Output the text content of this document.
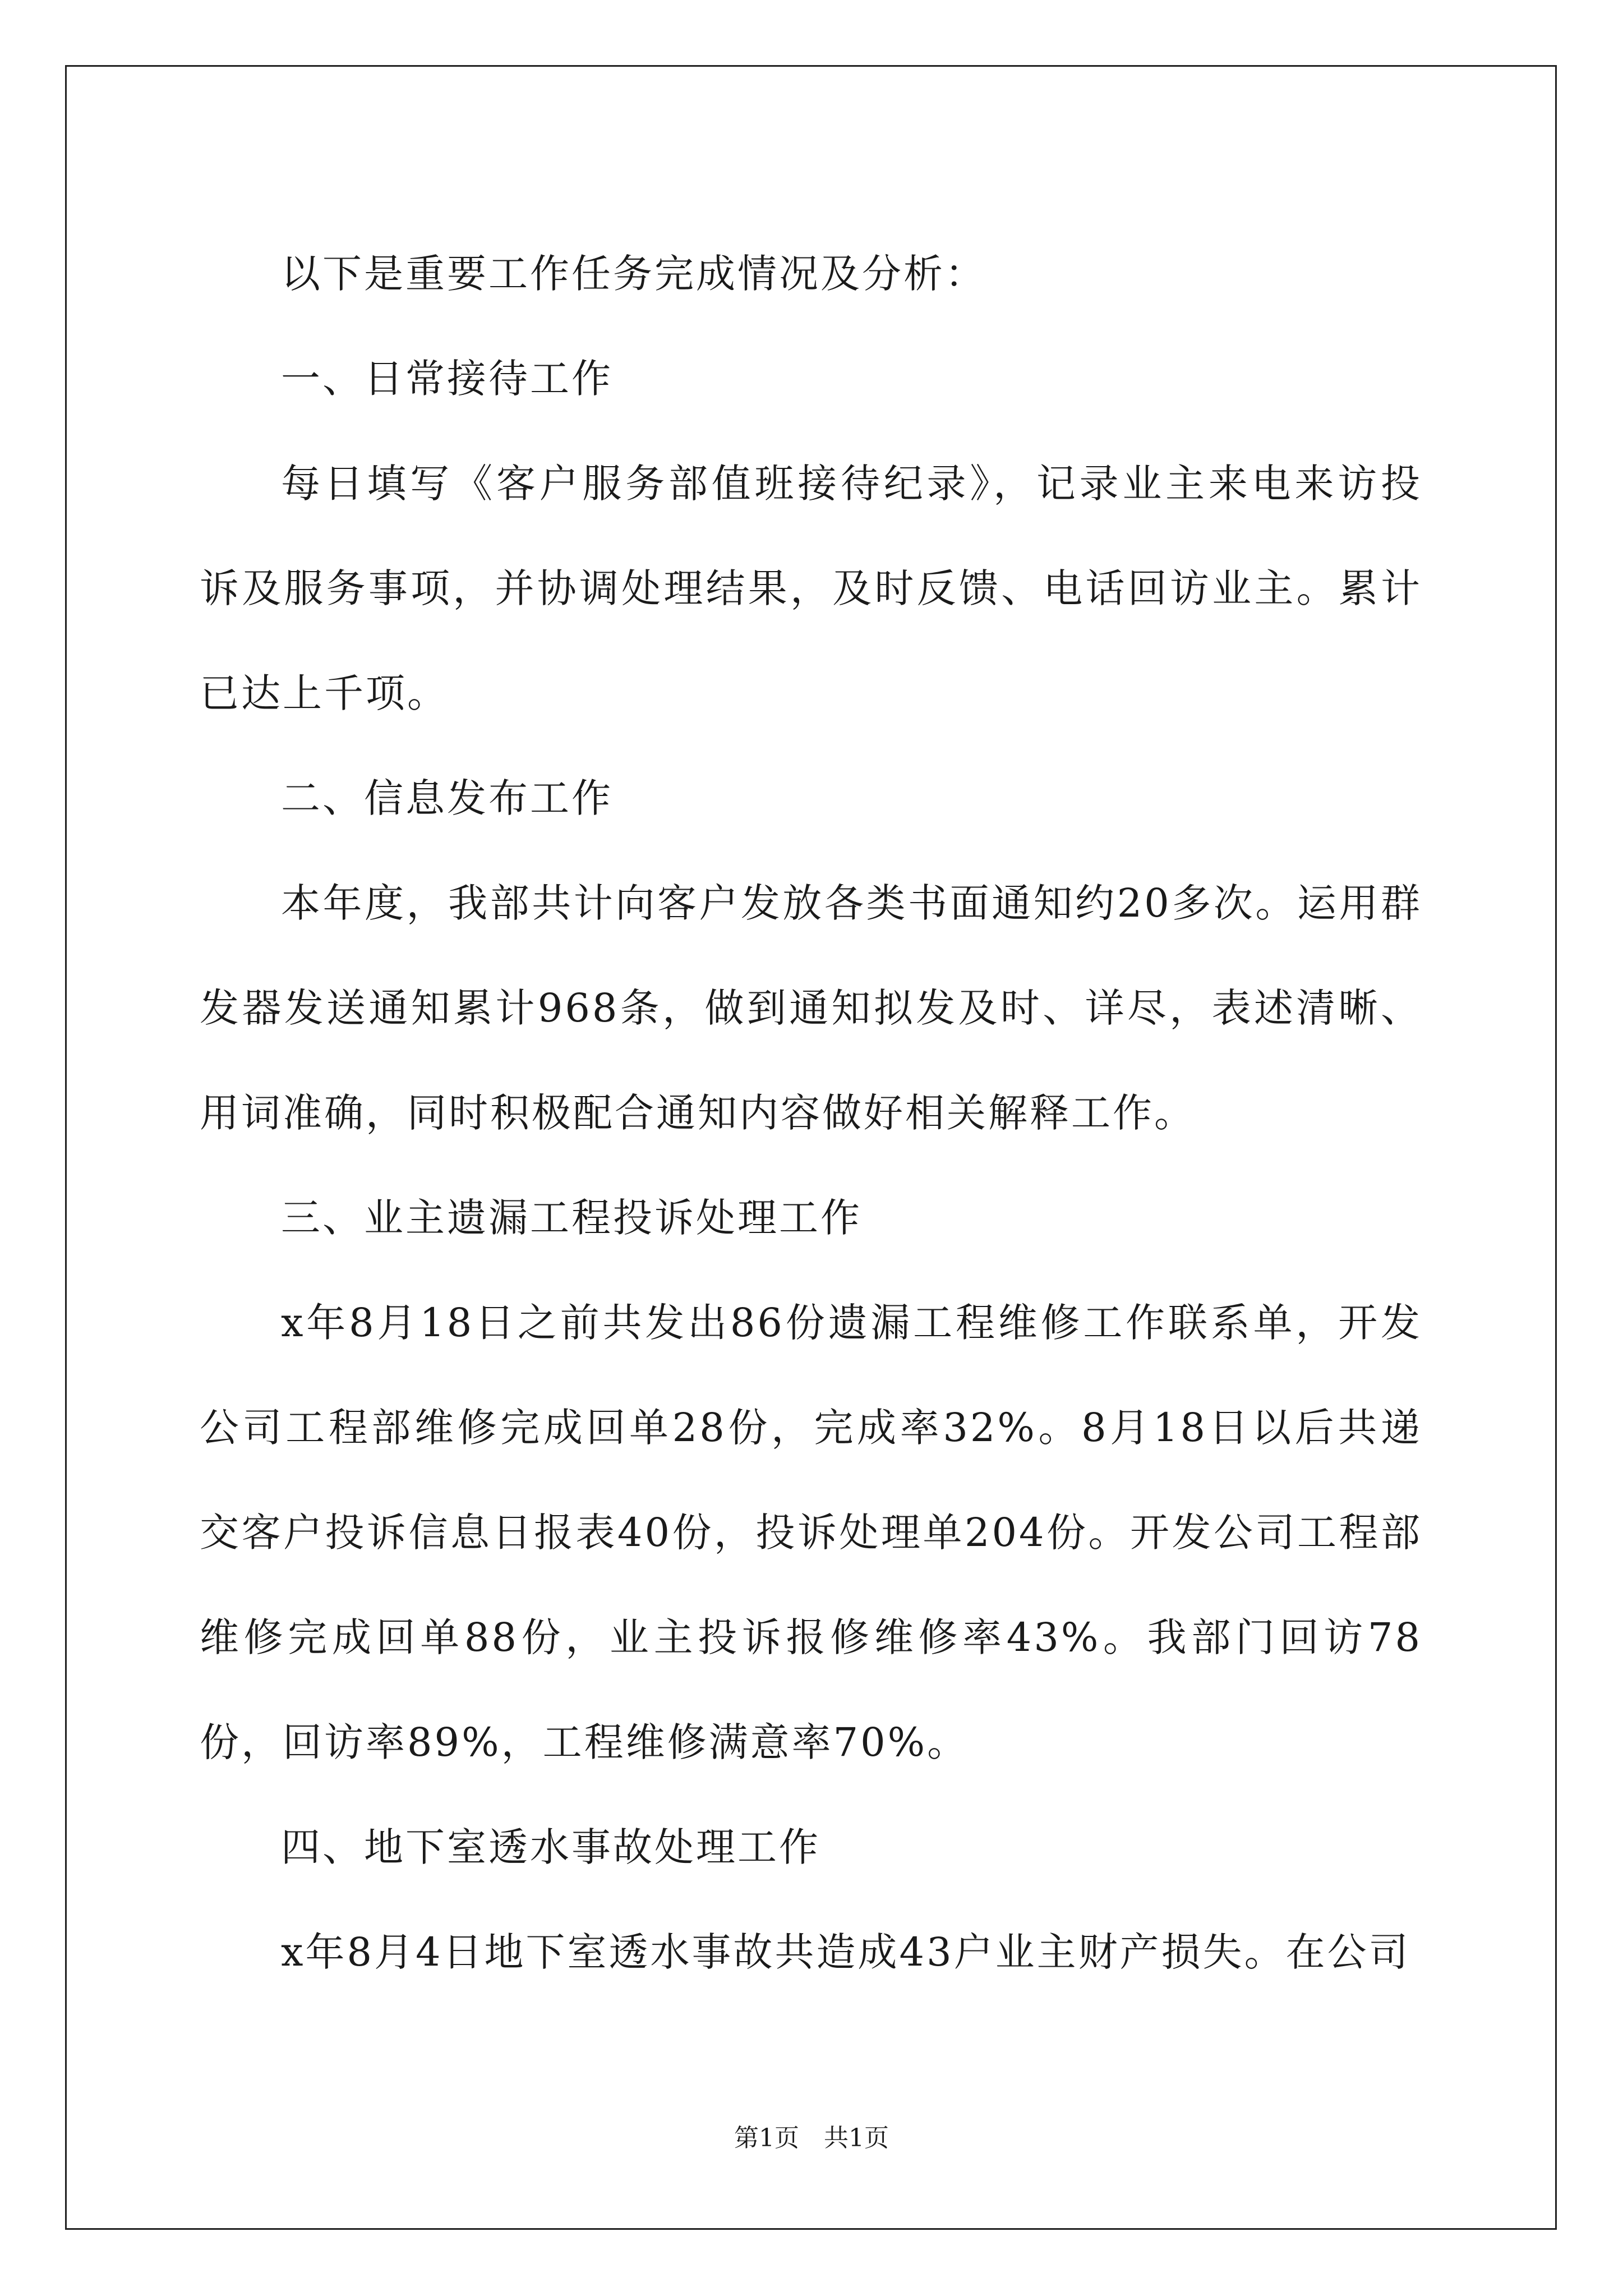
以下是重要工作任务完成情况及分析：

一、日常接待工作

每日填写《客户服务部值班接待纪录》，记录业主来电来访投诉及服务事项，并协调处理结果，及时反馈、电话回访业主。累计已达上千项。

二、信息发布工作

本年度，我部共计向客户发放各类书面通知约20多次。运用群发器发送通知累计968条，做到通知拟发及时、详尽，表述清晰、用词准确，同时积极配合通知内容做好相关解释工作。

三、业主遗漏工程投诉处理工作

x年8月18日之前共发出86份遗漏工程维修工作联系单，开发公司工程部维修完成回单28份，完成率32%。8月18日以后共递交客户投诉信息日报表40份，投诉处理单204份。开发公司工程部维修完成回单88份，业主投诉报修维修率43%。我部门回访78份，回访率89%，工程维修满意率70%。

四、地下室透水事故处理工作

x年8月4日地下室透水事故共造成43户业主财产损失。在公司

第1页　共1页
